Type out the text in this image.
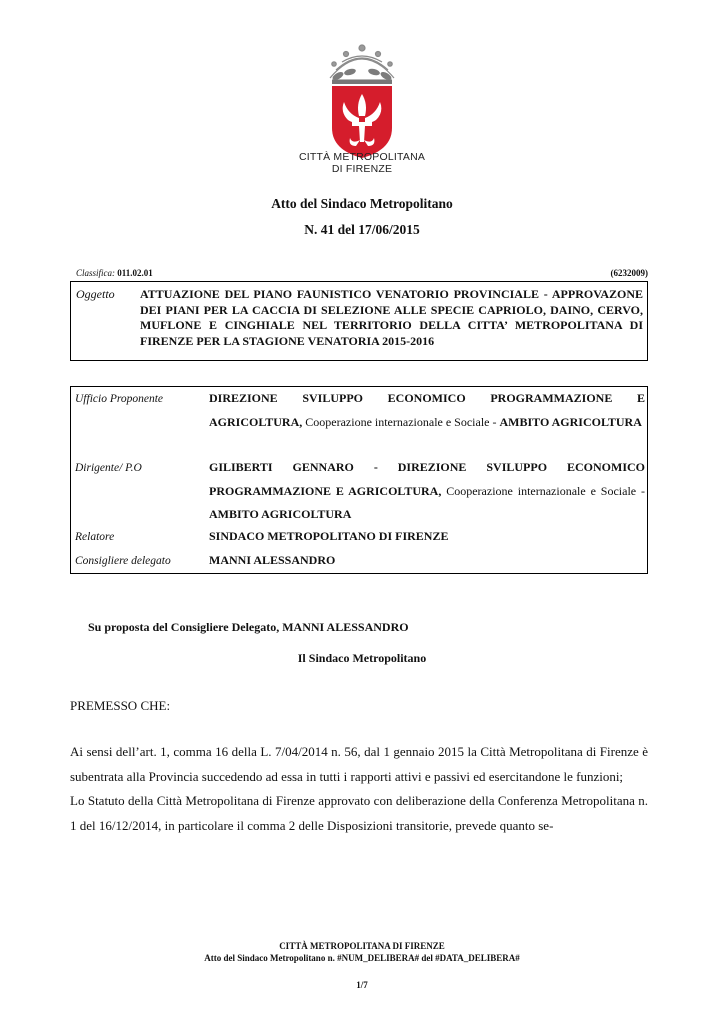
CITTÀ METROPOLITANA
DI FIRENZE
Atto del Sindaco Metropolitano
N. 41 del 17/06/2015
Classifica: 011.02.01	(6232009)
Oggetto ATTUAZIONE DEL PIANO FAUNISTICO VENATORIO PROVINCIALE - APPROVAZONE DEI PIANI PER LA CACCIA DI SELEZIONE ALLE SPECIE CAPRIOLO, DAINO, CERVO, MUFLONE E CINGHIALE NEL TERRITORIO DELLA CITTA’ METROPOLITANA DI FIRENZE PER LA STAGIONE VENATORIA 2015-2016
Ufficio Proponente	DIREZIONE SVILUPPO ECONOMICO PROGRAMMAZIONE E AGRICOLTURA, Cooperazione internazionale e Sociale - AMBITO AGRICOLTURA
Dirigente/ P.O	GILIBERTI GENNARO - DIREZIONE SVILUPPO ECONOMICO PROGRAMMAZIONE E AGRICOLTURA, Cooperazione internazionale e Sociale - AMBITO AGRICOLTURA
Relatore	SINDACO METROPOLITANO DI FIRENZE
Consigliere delegato	MANNI ALESSANDRO
Su proposta del Consigliere Delegato, MANNI ALESSANDRO
Il Sindaco Metropolitano
PREMESSO CHE:

Ai sensi dell’art. 1, comma 16 della L. 7/04/2014 n. 56, dal 1 gennaio 2015 la Città Metropolitana di Firenze è subentrata alla Provincia succedendo ad essa in tutti i rapporti attivi e passivi ed esercitandone le funzioni;

Lo Statuto della Città Metropolitana di Firenze approvato con deliberazione della Conferenza Metropolitana n. 1 del 16/12/2014, in particolare il comma 2 delle Disposizioni transitorie, prevede quanto se-

CITTÀ METROPOLITANA DI FIRENZE
Atto del Sindaco Metropolitano n. #NUM_DELIBERA# del #DATA_DELIBERA#
1/7
